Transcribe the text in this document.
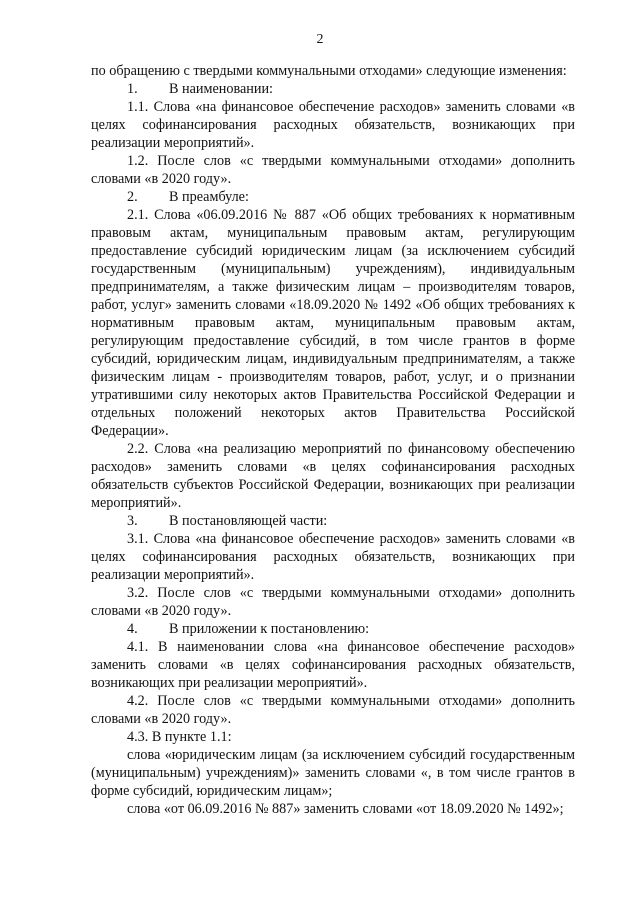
2

по обращению с твердыми коммунальными отходами» следующие изменения:

1. В наименовании:

1.1. Слова «на финансовое обеспечение расходов» заменить словами «в целях софинансирования расходных обязательств, возникающих при реализации мероприятий».

1.2. После слов «с твердыми коммунальными отходами» дополнить словами «в 2020 году».

2. В преамбуле:

2.1. Слова «06.09.2016 № 887 «Об общих требованиях к нормативным правовым актам, муниципальным правовым актам, регулирующим предоставление субсидий юридическим лицам (за исключением субсидий государственным (муниципальным) учреждениям), индивидуальным предпринимателям, а также физическим лицам – производителям товаров, работ, услуг» заменить словами «18.09.2020 № 1492 «Об общих требованиях к нормативным правовым актам, муниципальным правовым актам, регулирующим предоставление субсидий, в том числе грантов в форме субсидий, юридическим лицам, индивидуальным предпринимателям, а также физическим лицам - производителям товаров, работ, услуг, и о признании утратившими силу некоторых актов Правительства Российской Федерации и отдельных положений некоторых актов Правительства Российской Федерации».

2.2. Слова «на реализацию мероприятий по финансовому обеспечению расходов» заменить словами «в целях софинансирования расходных обязательств субъектов Российской Федерации, возникающих при реализации мероприятий».

3. В постановляющей части:

3.1. Слова «на финансовое обеспечение расходов» заменить словами «в целях софинансирования расходных обязательств, возникающих при реализации мероприятий».

3.2. После слов «с твердыми коммунальными отходами» дополнить словами «в 2020 году».

4. В приложении к постановлению:

4.1. В наименовании слова «на финансовое обеспечение расходов» заменить словами «в целях софинансирования расходных обязательств, возникающих при реализации мероприятий».

4.2. После слов «с твердыми коммунальными отходами» дополнить словами «в 2020 году».

4.3. В пункте 1.1:

слова «юридическим лицам (за исключением субсидий государственным (муниципальным) учреждениям)» заменить словами «, в том числе грантов в форме субсидий, юридическим лицам»;

слова «от 06.09.2016 № 887» заменить словами «от 18.09.2020 № 1492»;
